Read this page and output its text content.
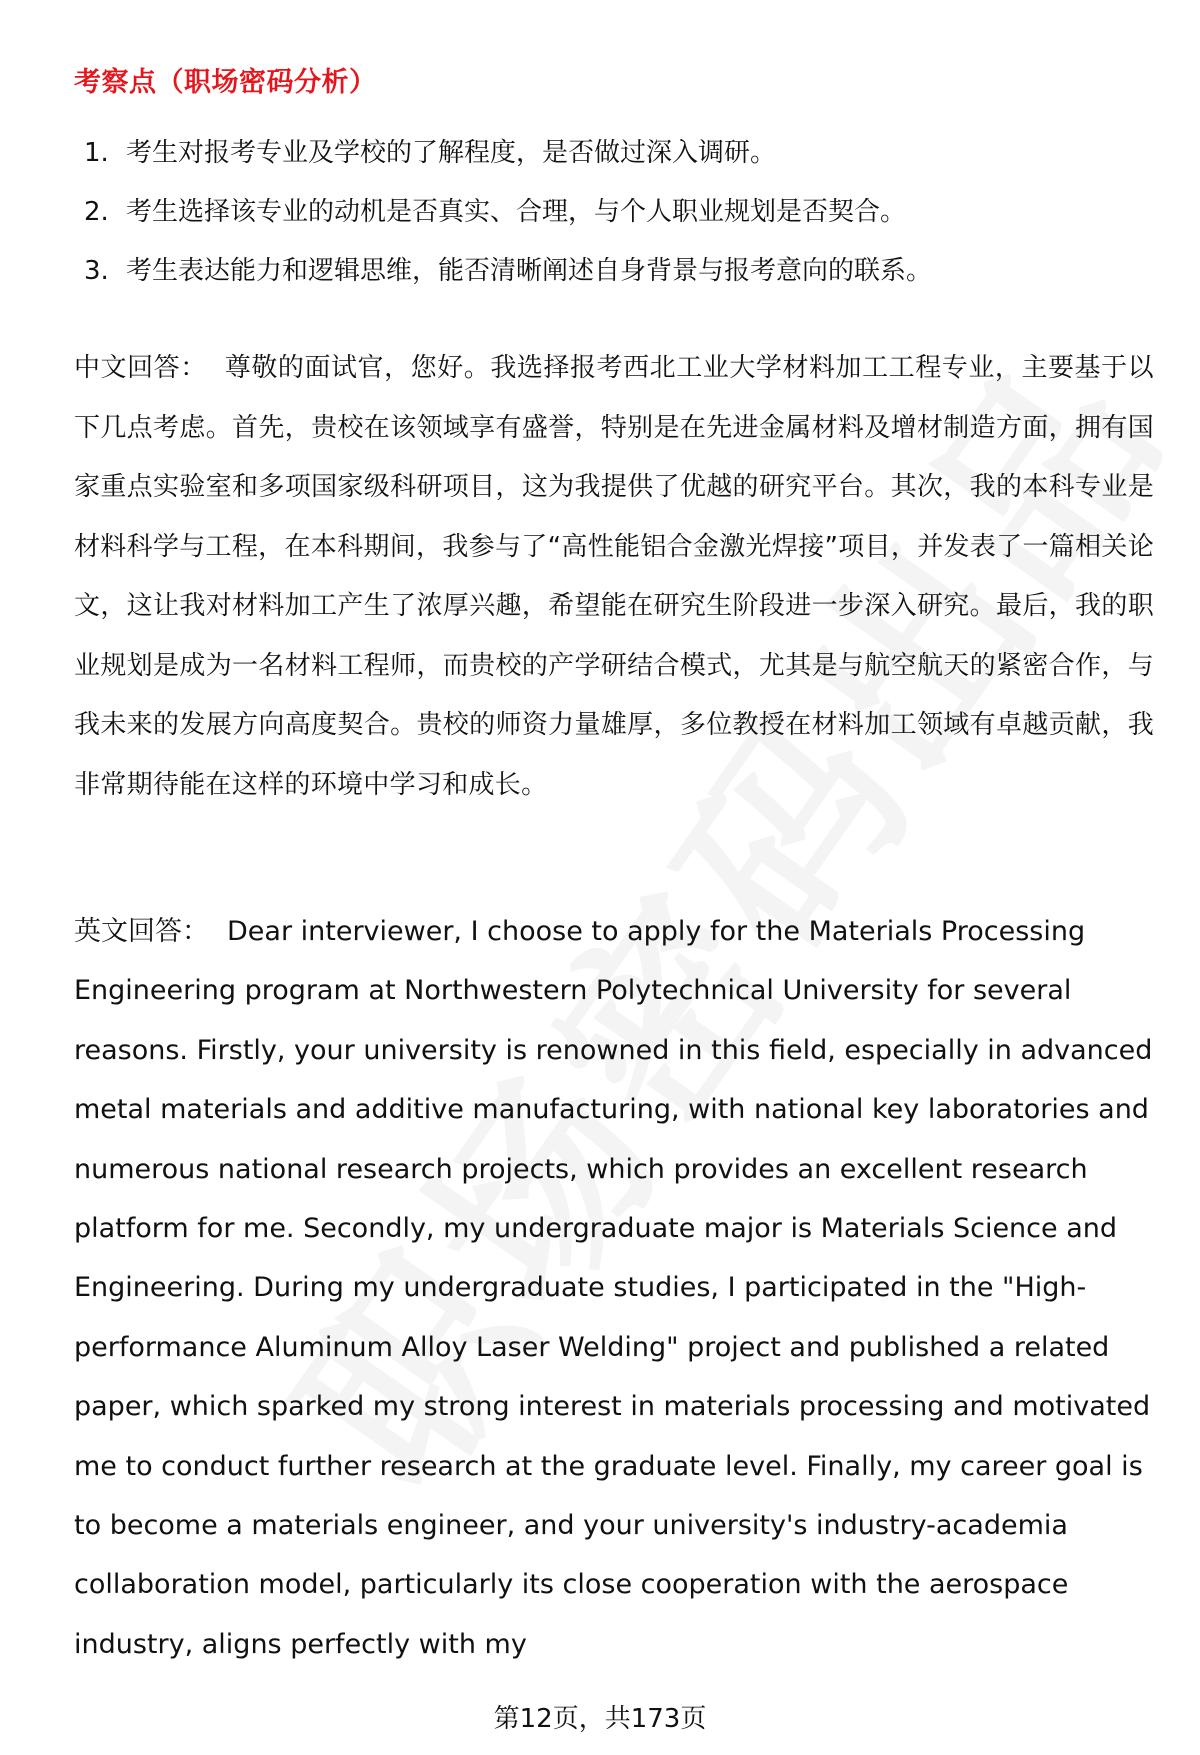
考察点（职场密码分析）
1. 考生对报考专业及学校的了解程度，是否做过深入调研。
2. 考生选择该专业的动机是否真实、合理，与个人职业规划是否契合。
3. 考生表达能力和逻辑思维，能否清晰阐述自身背景与报考意向的联系。

中文回答： 尊敬的面试官，您好。我选择报考西北工业大学材料加工工程专业，主要基于以下几点考虑。首先，贵校在该领域享有盛誉，特别是在先进金属材料及增材制造方面，拥有国家重点实验室和多项国家级科研项目，这为我提供了优越的研究平台。其次，我的本科专业是材料科学与工程，在本科期间，我参与了“高性能铝合金激光焊接”项目，并发表了一篇相关论文，这让我对材料加工产生了浓厚兴趣，希望能在研究生阶段进一步深入研究。最后，我的职业规划是成为一名材料工程师，而贵校的产学研结合模式，尤其是与航空航天的紧密合作，与我未来的发展方向高度契合。贵校的师资力量雄厚，多位教授在材料加工领域有卓越贡献，我非常期待能在这样的环境中学习和成长。

英文回答： Dear interviewer, I choose to apply for the Materials Processing Engineering program at Northwestern Polytechnical University for several reasons. Firstly, your university is renowned in this field, especially in advanced metal materials and additive manufacturing, with national key laboratories and numerous national research projects, which provides an excellent research platform for me. Secondly, my undergraduate major is Materials Science and Engineering. During my undergraduate studies, I participated in the "High-performance Aluminum Alloy Laser Welding" project and published a related paper, which sparked my strong interest in materials processing and motivated me to conduct further research at the graduate level. Finally, my career goal is to become a materials engineer, and your university's industry-academia collaboration model, particularly its close cooperation with the aerospace industry, aligns perfectly with my

第12页，共173页
